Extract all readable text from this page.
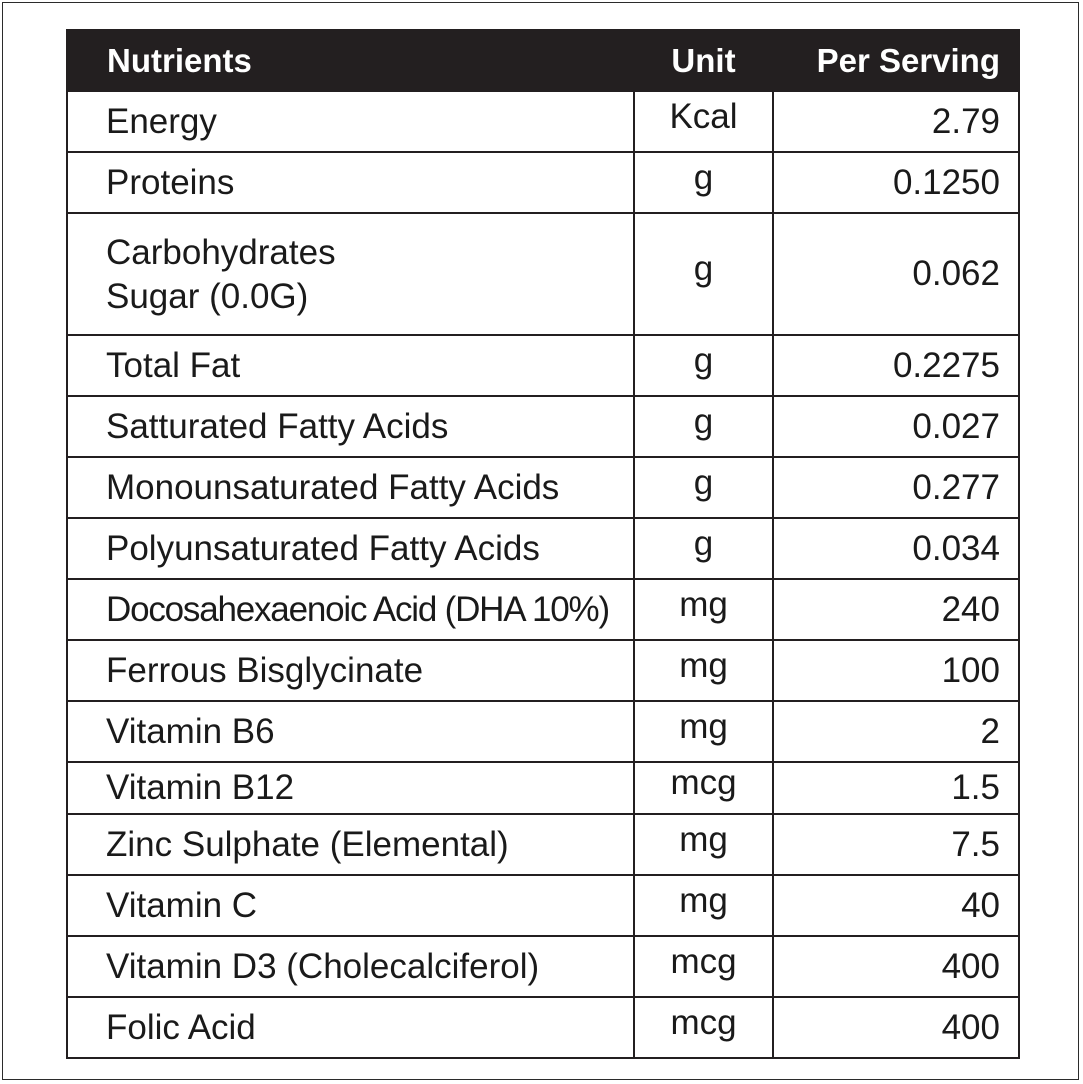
Nutrients	Unit	Per Serving
Energy	Kcal	2.79
Proteins	g	0.1250

Carbohydrates
Sugar (0.0G)	g	0.062
Total Fat	g	0.2275
Satturated Fatty Acids	g	0.027
Monounsaturated Fatty Acids	g	0.277
Polyunsaturated Fatty Acids	g	0.034
Docosahexaenoic Acid (DHA 10%)	mg	240
Ferrous Bisglycinate	mg	100
Vitamin B6	mg	2
Vitamin B12	mcg	1.5
Zinc Sulphate (Elemental)	mg	7.5
Vitamin C	mg	40
Vitamin D3 (Cholecalciferol)	mcg	400
Folic Acid	mcg	400
